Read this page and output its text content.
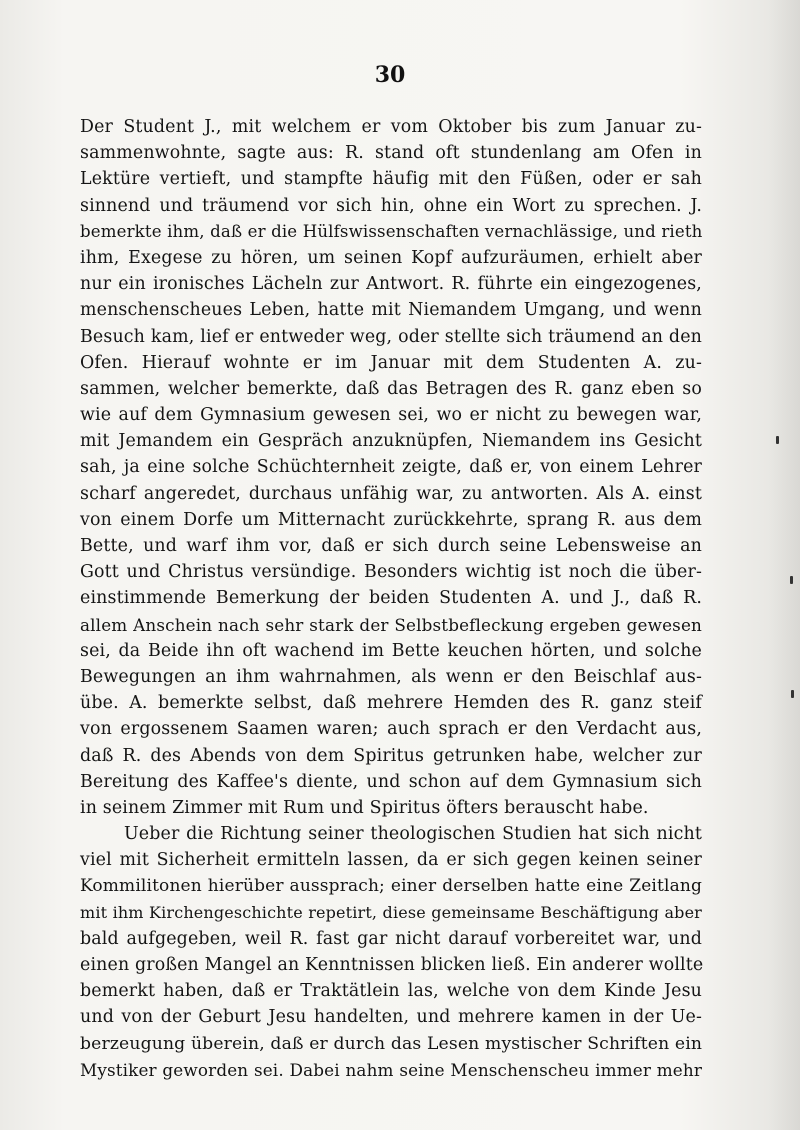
30
Der Student J., mit welchem er vom Oktober bis zum Januar zu-
sammenwohnte, sagte aus: R. stand oft stundenlang am Ofen in
Lektüre vertieft, und stampfte häufig mit den Füßen, oder er sah
sinnend und träumend vor sich hin, ohne ein Wort zu sprechen. J.
bemerkte ihm, daß er die Hülfswissenschaften vernachlässige, und rieth
ihm, Exegese zu hören, um seinen Kopf aufzuräumen, erhielt aber
nur ein ironisches Lächeln zur Antwort. R. führte ein eingezogenes,
menschenscheues Leben, hatte mit Niemandem Umgang, und wenn
Besuch kam, lief er entweder weg, oder stellte sich träumend an den
Ofen. Hierauf wohnte er im Januar mit dem Studenten A. zu-
sammen, welcher bemerkte, daß das Betragen des R. ganz eben so
wie auf dem Gymnasium gewesen sei, wo er nicht zu bewegen war,
mit Jemandem ein Gespräch anzuknüpfen, Niemandem ins Gesicht
sah, ja eine solche Schüchternheit zeigte, daß er, von einem Lehrer
scharf angeredet, durchaus unfähig war, zu antworten. Als A. einst
von einem Dorfe um Mitternacht zurückkehrte, sprang R. aus dem
Bette, und warf ihm vor, daß er sich durch seine Lebensweise an
Gott und Christus versündige. Besonders wichtig ist noch die über-
einstimmende Bemerkung der beiden Studenten A. und J., daß R.
allem Anschein nach sehr stark der Selbstbefleckung ergeben gewesen
sei, da Beide ihn oft wachend im Bette keuchen hörten, und solche
Bewegungen an ihm wahrnahmen, als wenn er den Beischlaf aus-
übe. A. bemerkte selbst, daß mehrere Hemden des R. ganz steif
von ergossenem Saamen waren; auch sprach er den Verdacht aus,
daß R. des Abends von dem Spiritus getrunken habe, welcher zur
Bereitung des Kaffee's diente, und schon auf dem Gymnasium sich
in seinem Zimmer mit Rum und Spiritus öfters berauscht habe.
Ueber die Richtung seiner theologischen Studien hat sich nicht
viel mit Sicherheit ermitteln lassen, da er sich gegen keinen seiner
Kommilitonen hierüber aussprach; einer derselben hatte eine Zeitlang
mit ihm Kirchengeschichte repetirt, diese gemeinsame Beschäftigung aber
bald aufgegeben, weil R. fast gar nicht darauf vorbereitet war, und
einen großen Mangel an Kenntnissen blicken ließ. Ein anderer wollte
bemerkt haben, daß er Traktätlein las, welche von dem Kinde Jesu
und von der Geburt Jesu handelten, und mehrere kamen in der Ue-
berzeugung überein, daß er durch das Lesen mystischer Schriften ein
Mystiker geworden sei. Dabei nahm seine Menschenscheu immer mehr
